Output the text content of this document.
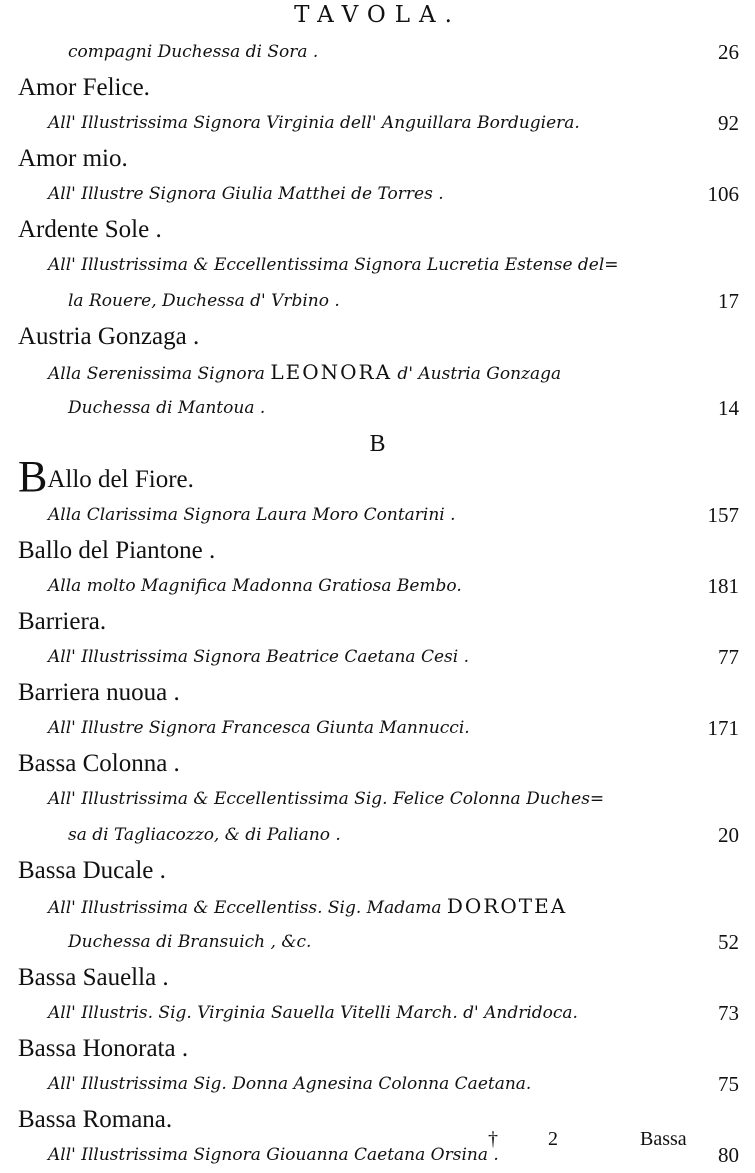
TAVOLA.
compagni Duchessa di Sora .	26
Amor Felice.
All' Illustrissima Signora Virginia dell' Anguillara Bordugiera.	92
Amor mio.
All' Illustre Signora Giulia Matthei de Torres .	106
Ardente Sole .
All' Illustrissima & Eccellentissima Signora Lucretia Estense del=
la Rouere, Duchessa d' Vrbino .	17
Austria Gonzaga .
Alla Serenissima Signora LEONORA d' Austria Gonzaga
Duchessa di Mantoua .	14
B
BAllo del Fiore.
Alla Clarissima Signora Laura Moro Contarini .	157
Ballo del Piantone .
Alla molto Magnifica Madonna Gratiosa Bembo.	181
Barriera.
All' Illustrissima Signora Beatrice Caetana Cesi .	77
Barriera nuoua .
All' Illustre Signora Francesca Giunta Mannucci.	171
Bassa Colonna .
All' Illustrissima & Eccellentissima Sig. Felice Colonna Duches=
sa di Tagliacozzo, & di Paliano .	20
Bassa Ducale .
All' Illustrissima & Eccellentiss. Sig. Madama DOROTEA
Duchessa di Bransuich , &c.	52
Bassa Sauella .
All' Illustris. Sig. Virginia Sauella Vitelli March. d' Andridoca.	73
Bassa Honorata .
All' Illustrissima Sig. Donna Agnesina Colonna Caetana.	75
Bassa Romana.
All' Illustrissima Signora Giouanna Caetana Orsina .	80
†	2	Bassa
